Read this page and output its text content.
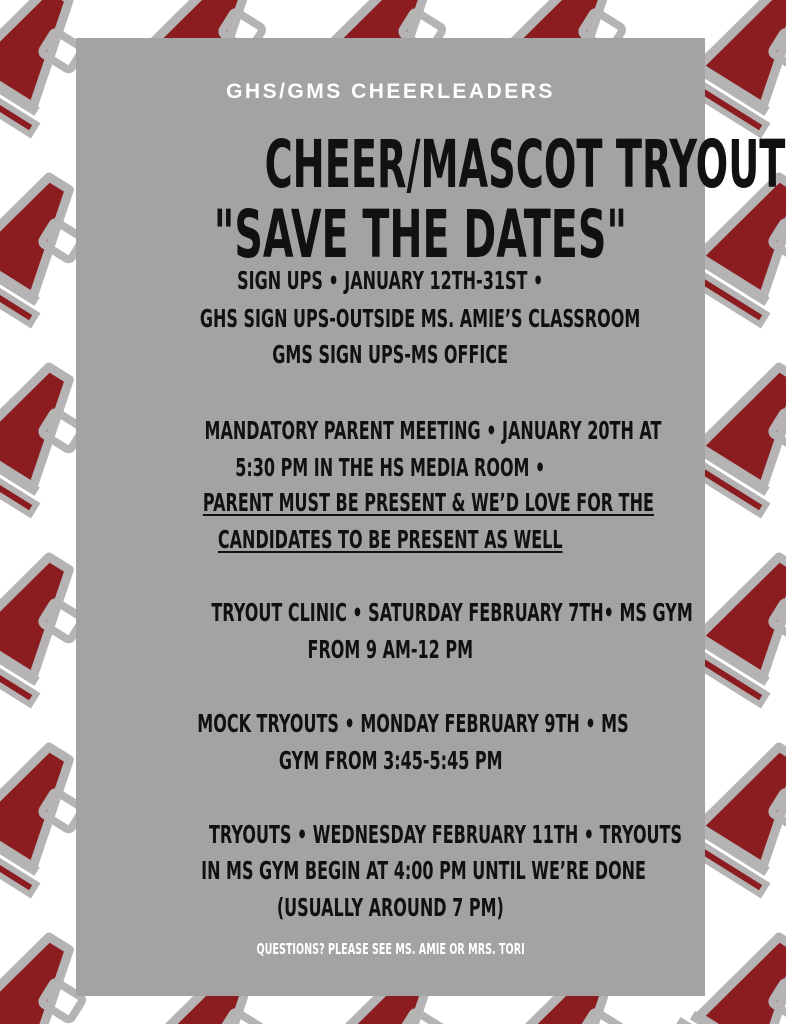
GHS/GMS CHEERLEADERS
CHEER/MASCOT TRYOUT
"SAVE THE DATES"
SIGN UPS • JANUARY 12TH-31ST •
GHS SIGN UPS-OUTSIDE MS. AMIE’S CLASSROOM
GMS SIGN UPS-MS OFFICE
MANDATORY PARENT MEETING • JANUARY 20TH AT
5:30 PM IN THE HS MEDIA ROOM •
PARENT MUST BE PRESENT & WE’D LOVE FOR THE
CANDIDATES TO BE PRESENT AS WELL
TRYOUT CLINIC • SATURDAY FEBRUARY 7TH• MS GYM
FROM 9 AM-12 PM
MOCK TRYOUTS • MONDAY FEBRUARY 9TH • MS
GYM FROM 3:45-5:45 PM
TRYOUTS • WEDNESDAY FEBRUARY 11TH • TRYOUTS
IN MS GYM BEGIN AT 4:00 PM UNTIL WE’RE DONE
(USUALLY AROUND 7 PM)
QUESTIONS? PLEASE SEE MS. AMIE OR MRS. TORI
